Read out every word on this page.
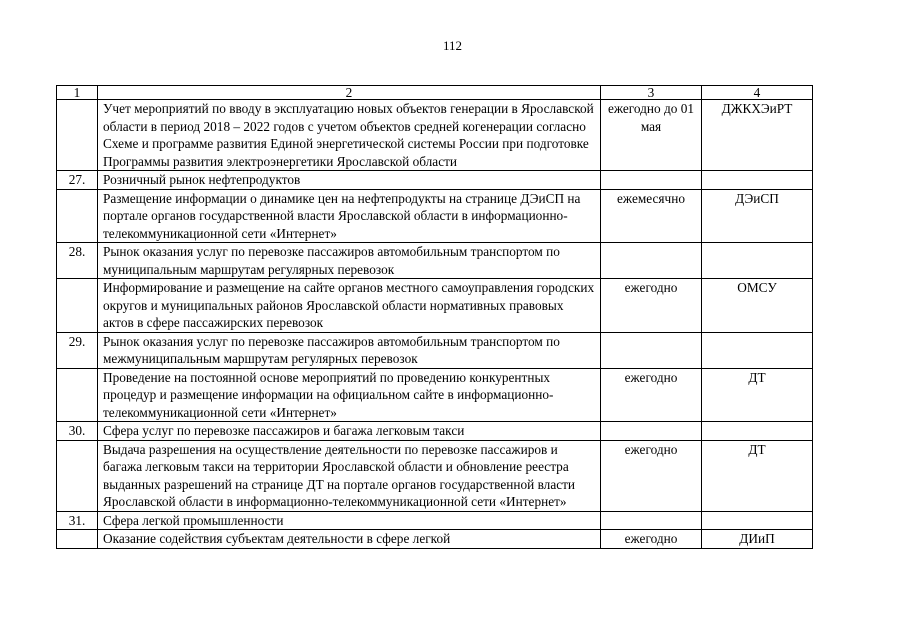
112
1	2	3	4
	Учет мероприятий по вводу в эксплуатацию новых объектов генерации в Ярославской области в период 2018 – 2022 годов с учетом объектов средней когенерации согласно Схеме и программе развития Единой энергетической системы России при подготовке Программы развития электроэнергетики Ярославской области	ежегодно до 01 мая	ДЖКХЭиРТ
27.	Розничный рынок нефтепродуктов		
	Размещение информации о динамике цен на нефтепродукты на странице ДЭиСП на портале органов государственной власти Ярославской области в информационно-телекоммуникационной сети «Интернет»	ежемесячно	ДЭиСП
28.	Рынок оказания услуг по перевозке пассажиров автомобильным транспортом по муниципальным маршрутам регулярных перевозок		
	Информирование и размещение на сайте органов местного самоуправления городских округов и муниципальных районов Ярославской области нормативных правовых актов в сфере пассажирских перевозок	ежегодно	ОМСУ
29.	Рынок оказания услуг по перевозке пассажиров автомобильным транспортом по межмуниципальным маршрутам регулярных перевозок		
	Проведение на постоянной основе мероприятий по проведению конкурентных процедур и размещение информации на официальном сайте в информационно-телекоммуникационной сети «Интернет»	ежегодно	ДТ
30.	Сфера услуг по перевозке пассажиров и багажа легковым такси		
	Выдача разрешения на осуществление деятельности по перевозке пассажиров и багажа легковым такси на территории Ярославской области и обновление реестра выданных разрешений на странице ДТ на портале органов государственной власти Ярославской области в информационно-телекоммуникационной сети «Интернет»	ежегодно	ДТ
31.	Сфера легкой промышленности		
	Оказание содействия субъектам деятельности в сфере легкой	ежегодно	ДИиП
